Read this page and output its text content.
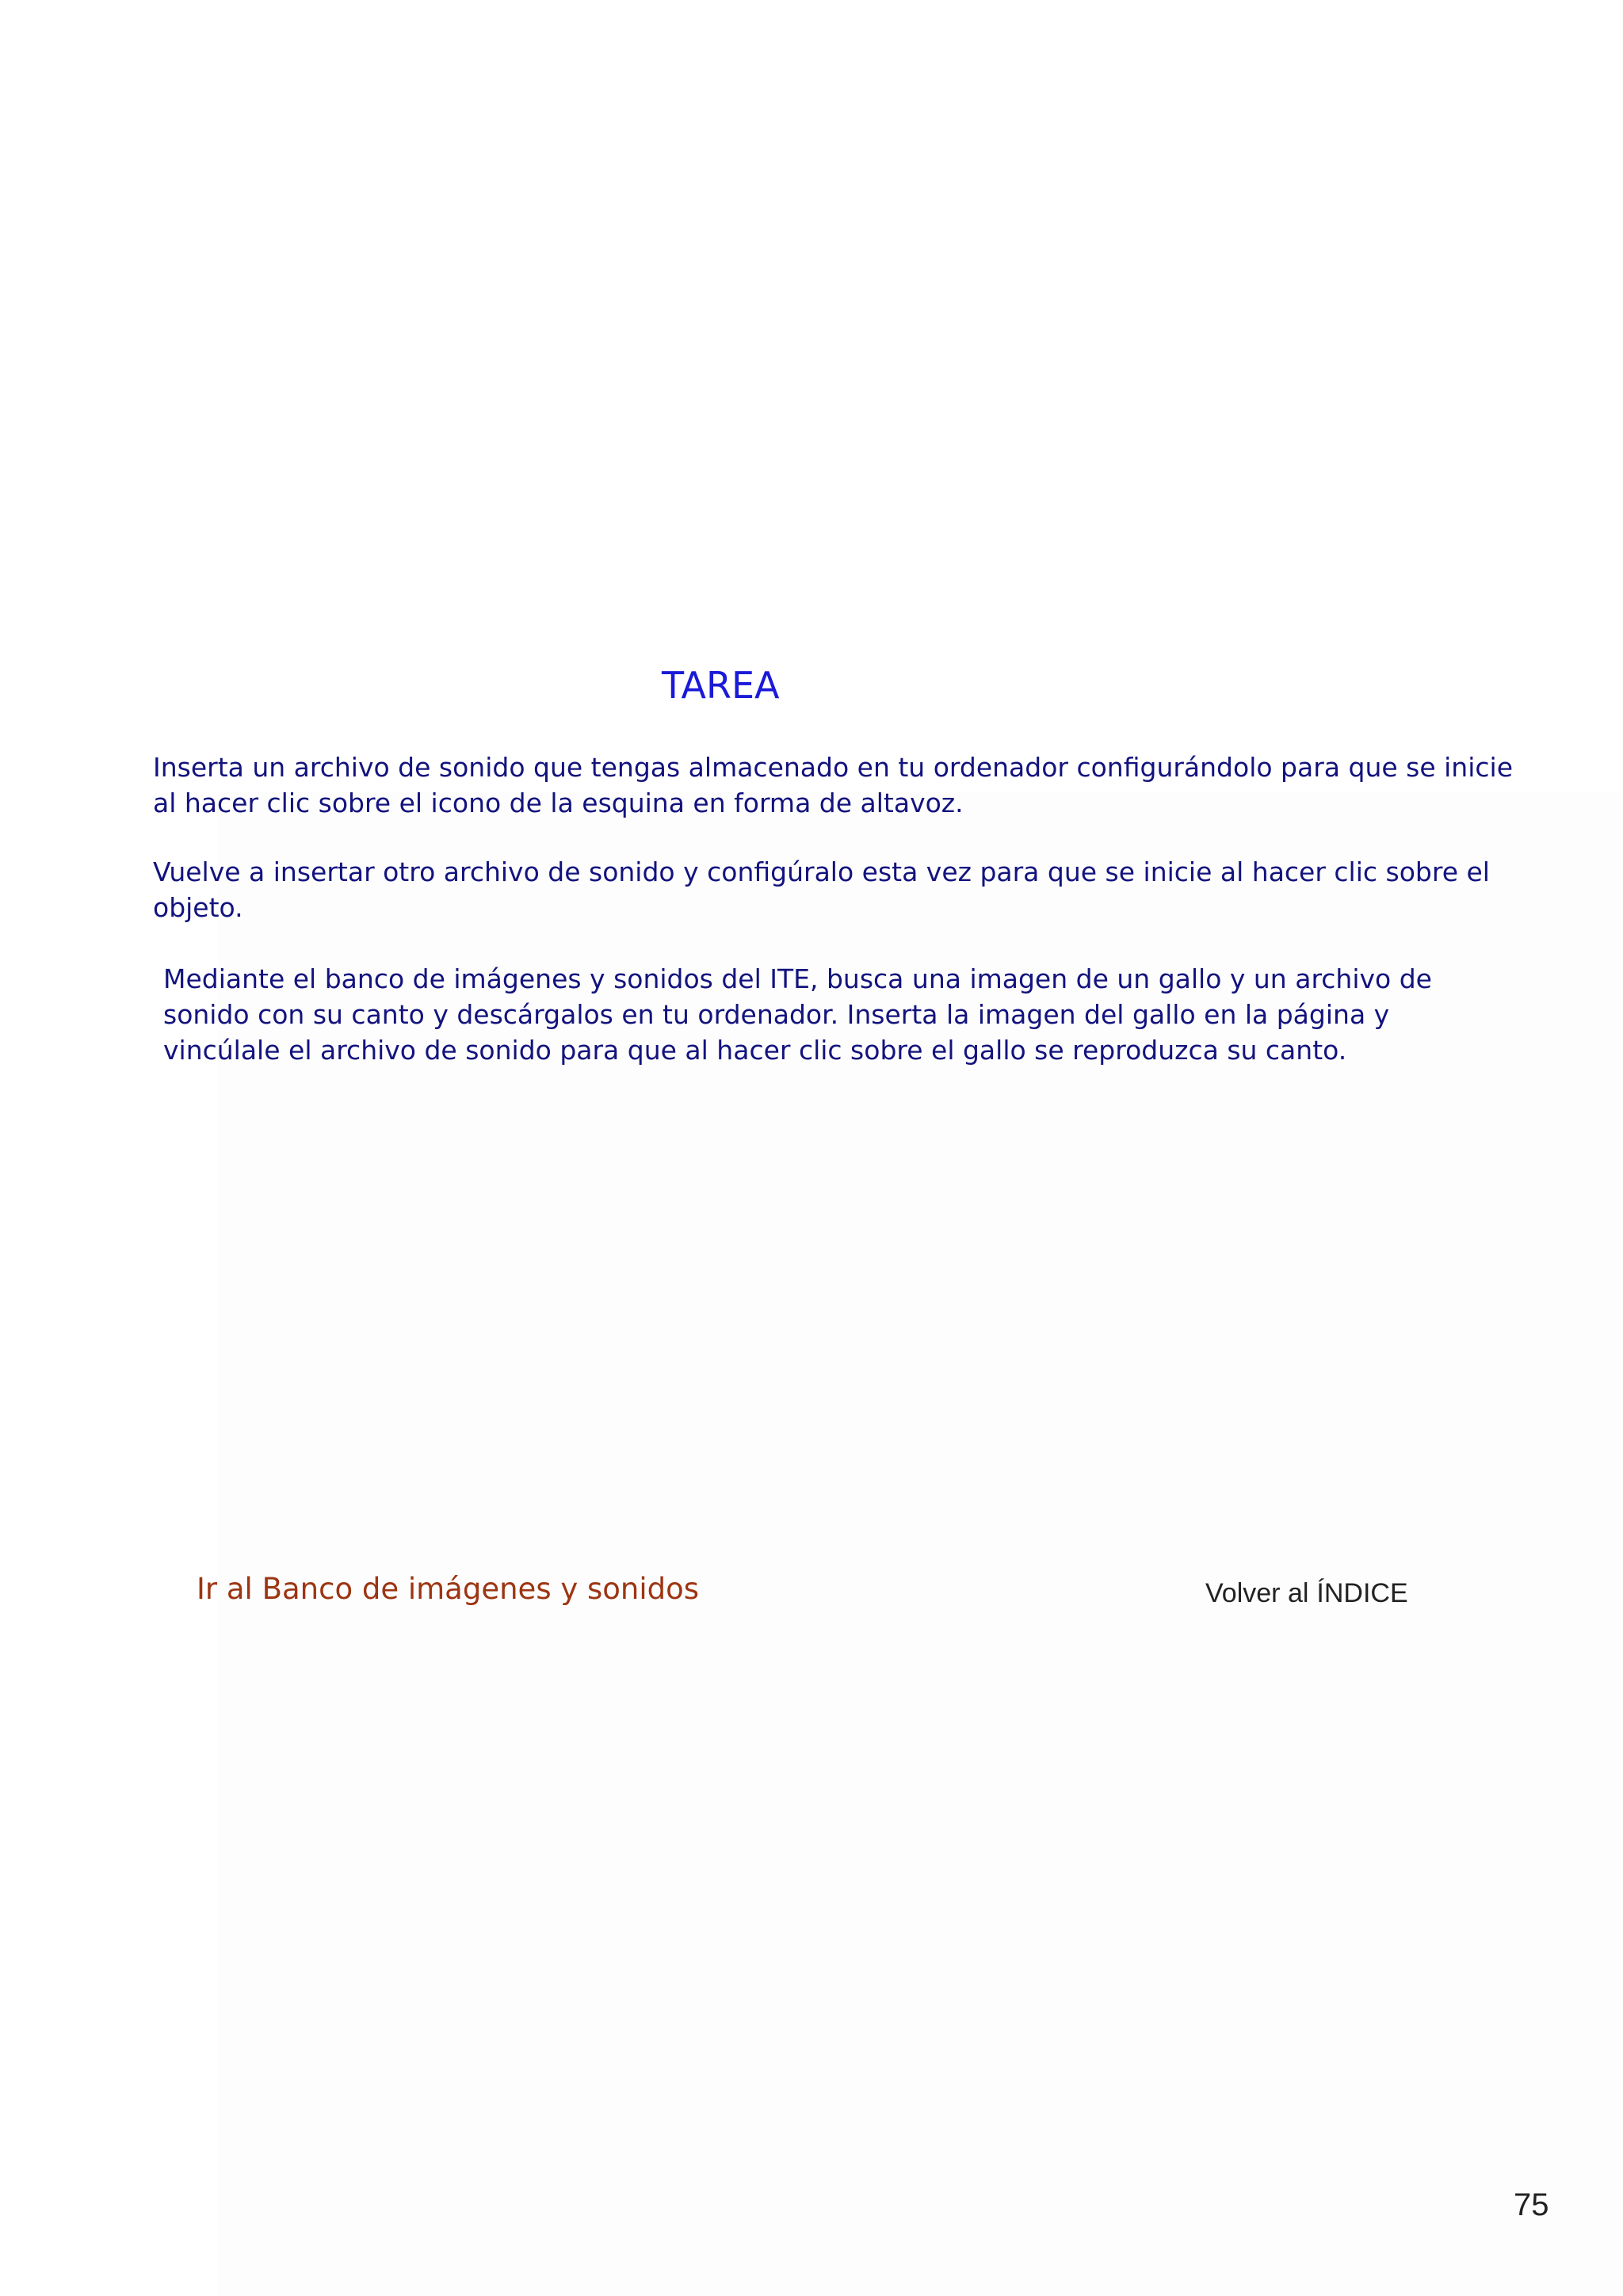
TAREA

Inserta un archivo de sonido que tengas almacenado en tu ordenador configurándolo para que se inicie
al hacer clic sobre el icono de la esquina en forma de altavoz.

Vuelve a insertar otro archivo de sonido y configúralo esta vez para que se inicie al hacer clic sobre el
objeto.

Mediante el banco de imágenes y sonidos del ITE, busca una imagen de un gallo y un archivo de
sonido con su canto y descárgalos en tu ordenador. Inserta la imagen del gallo en la página y
vincúlale el archivo de sonido para que al hacer clic sobre el gallo se reproduzca su canto.

Ir al Banco de imágenes y sonidos	Volver al ÍNDICE
75
